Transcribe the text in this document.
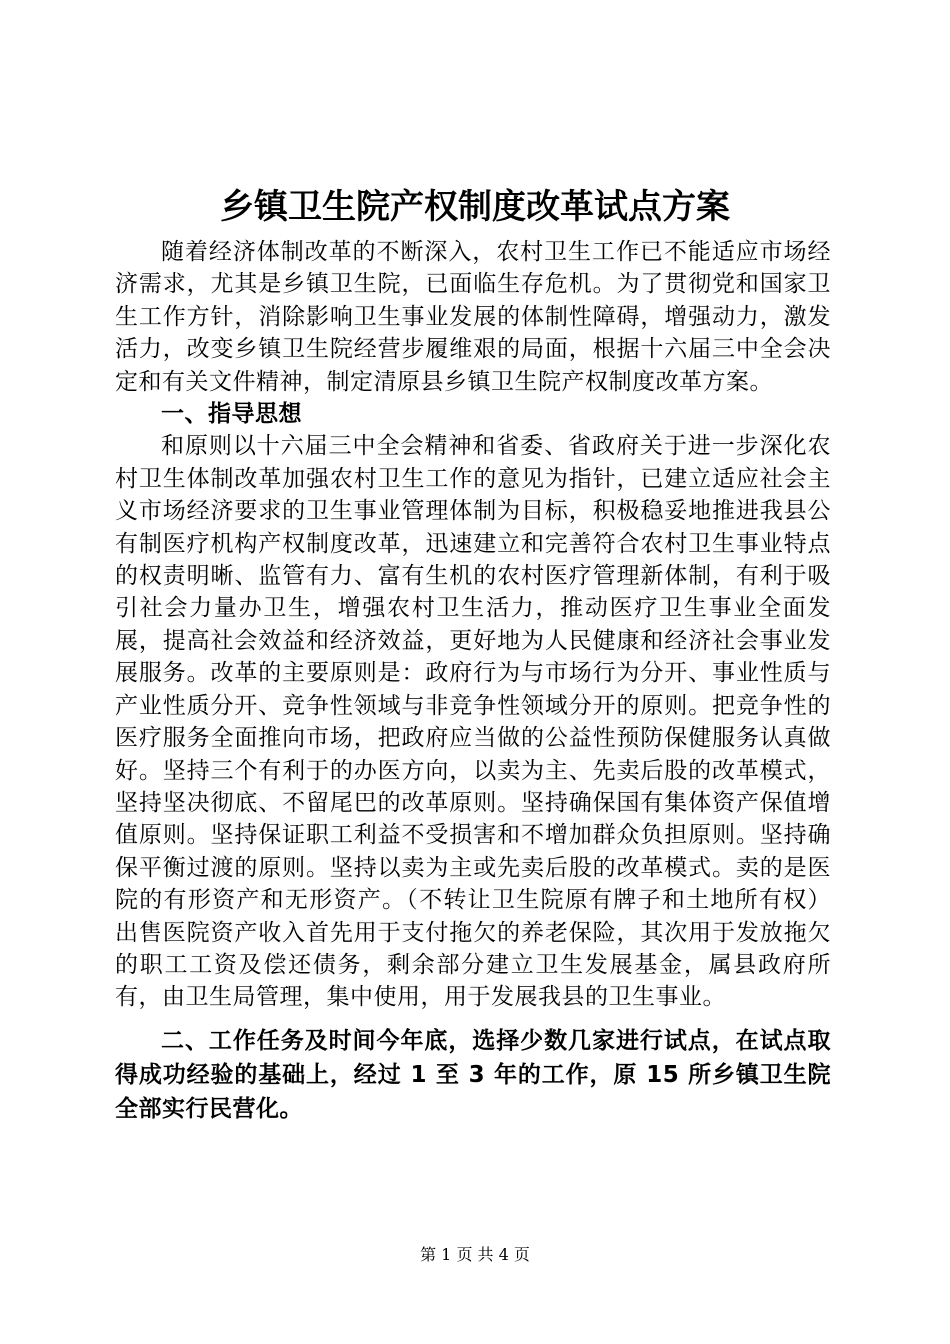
乡镇卫生院产权制度改革试点方案

随着经济体制改革的不断深入，农村卫生工作已不能适应市场经济需求，尤其是乡镇卫生院，已面临生存危机。为了贯彻党和国家卫生工作方针，消除影响卫生事业发展的体制性障碍，增强动力，激发活力，改变乡镇卫生院经营步履维艰的局面，根据十六届三中全会决定和有关文件精神，制定清原县乡镇卫生院产权制度改革方案。

一、指导思想

和原则以十六届三中全会精神和省委、省政府关于进一步深化农村卫生体制改革加强农村卫生工作的意见为指针，已建立适应社会主义市场经济要求的卫生事业管理体制为目标，积极稳妥地推进我县公有制医疗机构产权制度改革，迅速建立和完善符合农村卫生事业特点的权责明晰、监管有力、富有生机的农村医疗管理新体制，有利于吸引社会力量办卫生，增强农村卫生活力，推动医疗卫生事业全面发展，提高社会效益和经济效益，更好地为人民健康和经济社会事业发展服务。改革的主要原则是：政府行为与市场行为分开、事业性质与产业性质分开、竞争性领域与非竞争性领域分开的原则。把竞争性的医疗服务全面推向市场，把政府应当做的公益性预防保健服务认真做好。坚持三个有利于的办医方向，以卖为主、先卖后股的改革模式，坚持坚决彻底、不留尾巴的改革原则。坚持确保国有集体资产保值增值原则。坚持保证职工利益不受损害和不增加群众负担原则。坚持确保平衡过渡的原则。坚持以卖为主或先卖后股的改革模式。卖的是医院的有形资产和无形资产。（不转让卫生院原有牌子和土地所有权）出售医院资产收入首先用于支付拖欠的养老保险，其次用于发放拖欠的职工工资及偿还债务，剩余部分建立卫生发展基金，属县政府所有，由卫生局管理，集中使用，用于发展我县的卫生事业。

二、工作任务及时间今年底，选择少数几家进行试点，在试点取得成功经验的基础上，经过 1 至 3 年的工作，原 15 所乡镇卫生院全部实行民营化。

第 1 页 共 4 页
